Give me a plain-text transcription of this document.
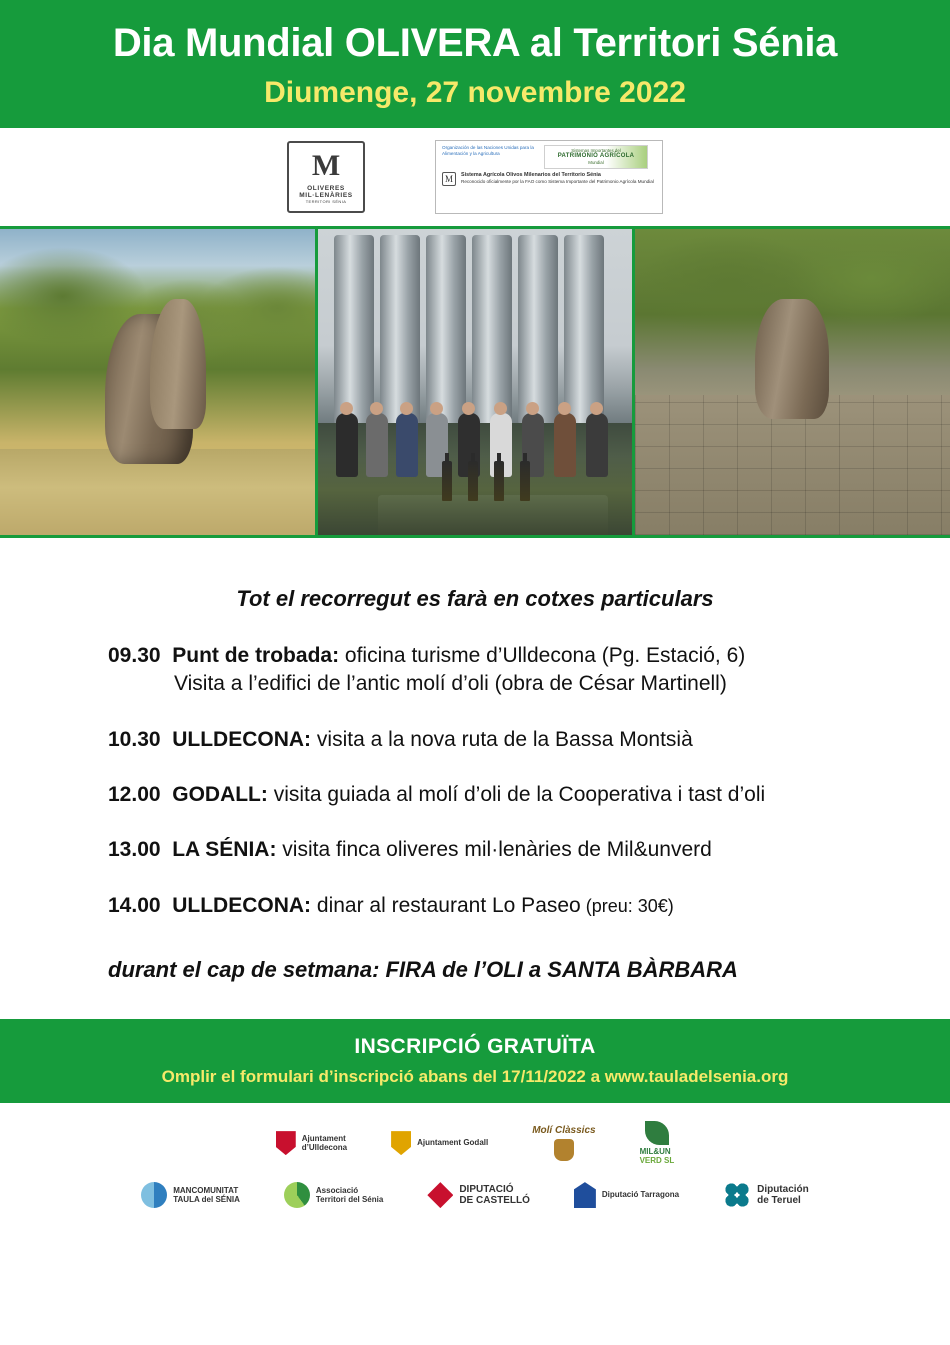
Dia Mundial OLIVERA al Territori Sénia
Diumenge, 27 novembre 2022
M
OLIVERES
MIL·LENÀRIES
TERRITORI SÉNIA
Organización de las Naciones Unidas para la Alimentación y la Agricultura
Sistemas Importantes del
PATRIMONIO AGRÍCOLA
Mundial
M	Sistema Agrícola Olivos Milenarios del Territorio Sénia
Reconocido oficialmente por la FAO como Sistema Importante del Patrimonio Agrícola Mundial
Tot el recorregut es farà en cotxes particulars
09.30 Punt de trobada: oficina turisme d’Ulldecona (Pg. Estació, 6)
Visita a l’edifici de l’antic molí d’oli (obra de César Martinell)
10.30 ULLDECONA: visita a la nova ruta de la Bassa Montsià
12.00 GODALL: visita guiada al molí d’oli de la Cooperativa i tast d’oli
13.00 LA SÉNIA: visita finca oliveres mil·lenàries de Mil&unverd
14.00 ULLDECONA: dinar al restaurant Lo Paseo (preu: 30€)
durant el cap de setmana: FIRA de l’OLI a SANTA BÀRBARA
INSCRIPCIÓ GRATUÏTA
Omplir el formulari d’inscripció abans del 17/11/2022 a www.tauladelsenia.org
Ajuntament
d’Ulldecona
Ajuntament Godall
Molí Clàssics
MIL&UN
VERD SL
MANCOMUNITAT
TAULA del SÉNIA
Associació
Territori del Sénia
DIPUTACIÓ
DE CASTELLÓ
Diputació Tarragona
Diputación
de Teruel
